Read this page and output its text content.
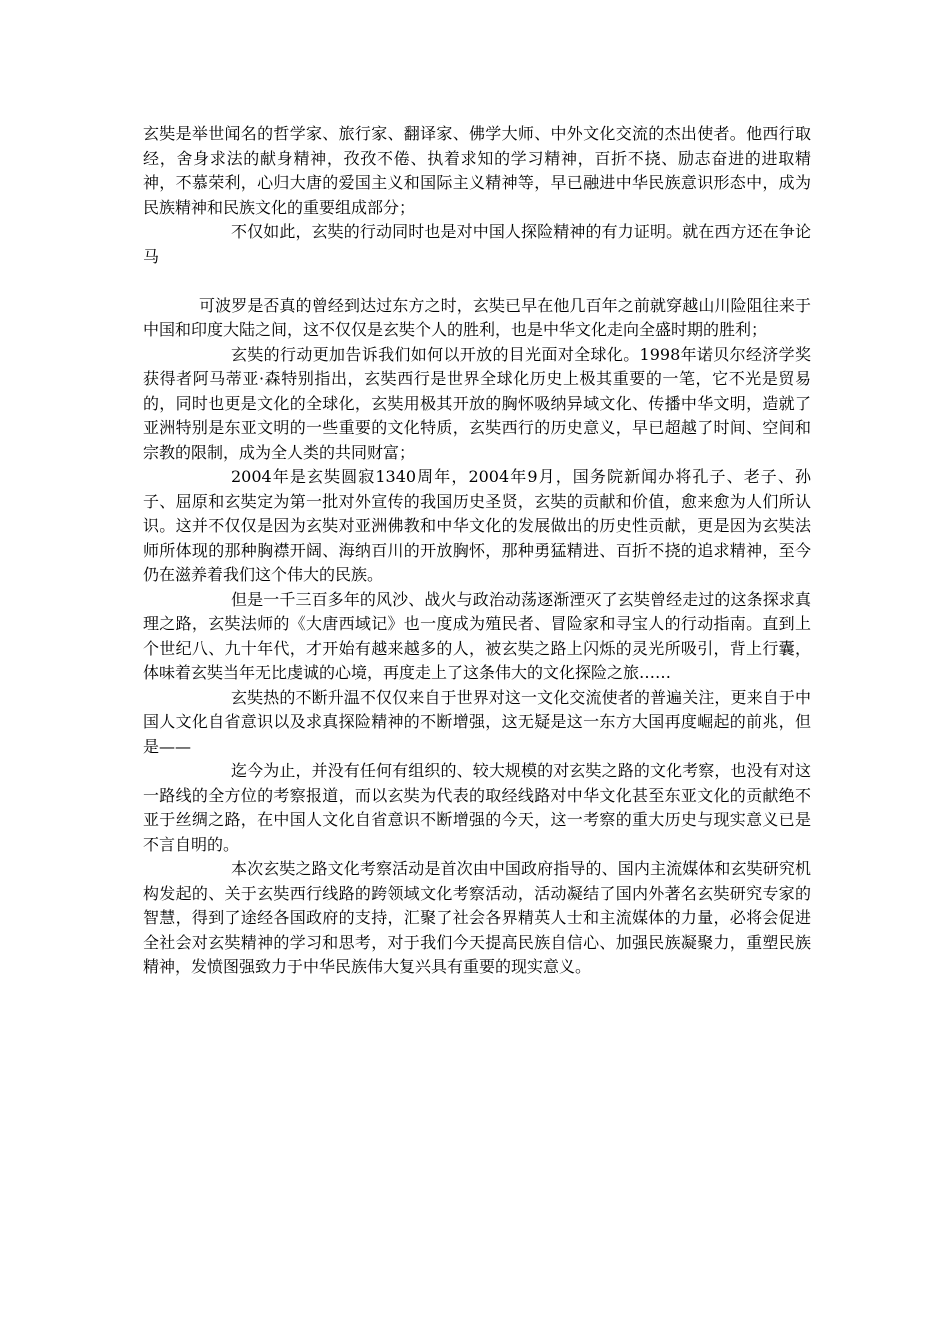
玄奘是举世闻名的哲学家、旅行家、翻译家、佛学大师、中外文化交流的杰出使者。他西行取经，舍身求法的献身精神，孜孜不倦、执着求知的学习精神，百折不挠、励志奋进的进取精神，不慕荣利，心归大唐的爱国主义和国际主义精神等，早已融进中华民族意识形态中，成为民族精神和民族文化的重要组成部分；

不仅如此，玄奘的行动同时也是对中国人探险精神的有力证明。就在西方还在争论马

可波罗是否真的曾经到达过东方之时，玄奘已早在他几百年之前就穿越山川险阻往来于中国和印度大陆之间，这不仅仅是玄奘个人的胜利，也是中华文化走向全盛时期的胜利；

玄奘的行动更加告诉我们如何以开放的目光面对全球化。1998年诺贝尔经济学奖获得者阿马蒂亚·森特别指出，玄奘西行是世界全球化历史上极其重要的一笔，它不光是贸易的，同时也更是文化的全球化，玄奘用极其开放的胸怀吸纳异域文化、传播中华文明，造就了亚洲特别是东亚文明的一些重要的文化特质，玄奘西行的历史意义，早已超越了时间、空间和宗教的限制，成为全人类的共同财富；

2004年是玄奘圆寂1340周年，2004年9月，国务院新闻办将孔子、老子、孙子、屈原和玄奘定为第一批对外宣传的我国历史圣贤，玄奘的贡献和价值，愈来愈为人们所认识。这并不仅仅是因为玄奘对亚洲佛教和中华文化的发展做出的历史性贡献，更是因为玄奘法师所体现的那种胸襟开阔、海纳百川的开放胸怀，那种勇猛精进、百折不挠的追求精神，至今仍在滋养着我们这个伟大的民族。

但是一千三百多年的风沙、战火与政治动荡逐渐湮灭了玄奘曾经走过的这条探求真理之路，玄奘法师的《大唐西域记》也一度成为殖民者、冒险家和寻宝人的行动指南。直到上个世纪八、九十年代，才开始有越来越多的人，被玄奘之路上闪烁的灵光所吸引，背上行囊，体味着玄奘当年无比虔诚的心境，再度走上了这条伟大的文化探险之旅……

玄奘热的不断升温不仅仅来自于世界对这一文化交流使者的普遍关注，更来自于中国人文化自省意识以及求真探险精神的不断增强，这无疑是这一东方大国再度崛起的前兆，但是——

迄今为止，并没有任何有组织的、较大规模的对玄奘之路的文化考察，也没有对这一路线的全方位的考察报道，而以玄奘为代表的取经线路对中华文化甚至东亚文化的贡献绝不亚于丝绸之路，在中国人文化自省意识不断增强的今天，这一考察的重大历史与现实意义已是不言自明的。

本次玄奘之路文化考察活动是首次由中国政府指导的、国内主流媒体和玄奘研究机构发起的、关于玄奘西行线路的跨领域文化考察活动，活动凝结了国内外著名玄奘研究专家的智慧，得到了途经各国政府的支持，汇聚了社会各界精英人士和主流媒体的力量，必将会促进全社会对玄奘精神的学习和思考，对于我们今天提高民族自信心、加强民族凝聚力，重塑民族精神，发愤图强致力于中华民族伟大复兴具有重要的现实意义。
